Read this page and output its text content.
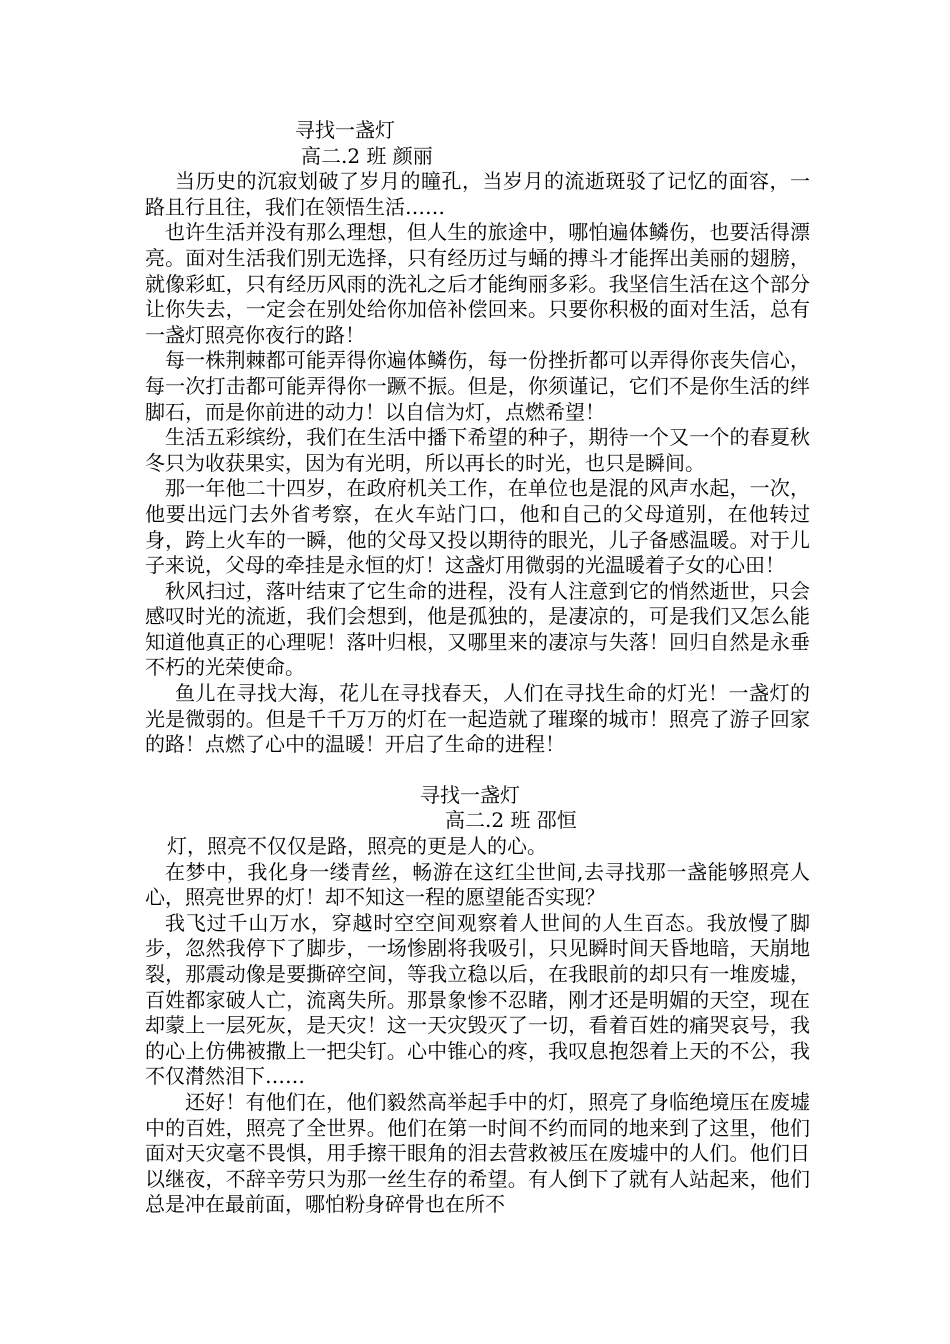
寻找一盏灯
高二.2 班 颜丽

当历史的沉寂划破了岁月的瞳孔，当岁月的流逝斑驳了记忆的面容，一路且行且往，我们在领悟生活……

也许生活并没有那么理想，但人生的旅途中，哪怕遍体鳞伤，也要活得漂亮。面对生活我们别无选择，只有经历过与蛹的搏斗才能挥出美丽的翅膀，就像彩虹，只有经历风雨的洗礼之后才能绚丽多彩。我坚信生活在这个部分让你失去，一定会在别处给你加倍补偿回来。只要你积极的面对生活，总有一盏灯照亮你夜行的路！

每一株荆棘都可能弄得你遍体鳞伤，每一份挫折都可以弄得你丧失信心，每一次打击都可能弄得你一蹶不振。但是，你须谨记，它们不是你生活的绊脚石，而是你前进的动力！以自信为灯，点燃希望！

生活五彩缤纷，我们在生活中播下希望的种子，期待一个又一个的春夏秋冬只为收获果实，因为有光明，所以再长的时光，也只是瞬间。

那一年他二十四岁，在政府机关工作，在单位也是混的风声水起，一次，他要出远门去外省考察，在火车站门口，他和自己的父母道别，在他转过身，跨上火车的一瞬，他的父母又投以期待的眼光，儿子备感温暖。对于儿子来说，父母的牵挂是永恒的灯！这盏灯用微弱的光温暖着子女的心田！

秋风扫过，落叶结束了它生命的进程，没有人注意到它的悄然逝世，只会感叹时光的流逝，我们会想到，他是孤独的，是凄凉的，可是我们又怎么能知道他真正的心理呢！落叶归根，又哪里来的凄凉与失落！回归自然是永垂不朽的光荣使命。

鱼儿在寻找大海，花儿在寻找春天，人们在寻找生命的灯光！一盏灯的光是微弱的。但是千千万万的灯在一起造就了璀璨的城市！照亮了游子回家的路！点燃了心中的温暖！开启了生命的进程！

寻找一盏灯
高二.2 班 邵恒

灯，照亮不仅仅是路，照亮的更是人的心。

在梦中，我化身一缕青丝，畅游在这红尘世间,去寻找那一盏能够照亮人心，照亮世界的灯！却不知这一程的愿望能否实现？

我飞过千山万水，穿越时空空间观察着人世间的人生百态。我放慢了脚步，忽然我停下了脚步，一场惨剧将我吸引，只见瞬时间天昏地暗，天崩地裂，那震动像是要撕碎空间，等我立稳以后，在我眼前的却只有一堆废墟，百姓都家破人亡，流离失所。那景象惨不忍睹，刚才还是明媚的天空，现在却蒙上一层死灰，是天灾！这一天灾毁灭了一切，看着百姓的痛哭哀号，我的心上仿佛被撒上一把尖钉。心中锥心的疼，我叹息抱怨着上天的不公，我不仅潸然泪下……

还好！有他们在，他们毅然高举起手中的灯，照亮了身临绝境压在废墟中的百姓，照亮了全世界。他们在第一时间不约而同的地来到了这里，他们面对天灾毫不畏惧，用手擦干眼角的泪去营救被压在废墟中的人们。他们日以继夜，不辞辛劳只为那一丝生存的希望。有人倒下了就有人站起来，他们总是冲在最前面，哪怕粉身碎骨也在所不
